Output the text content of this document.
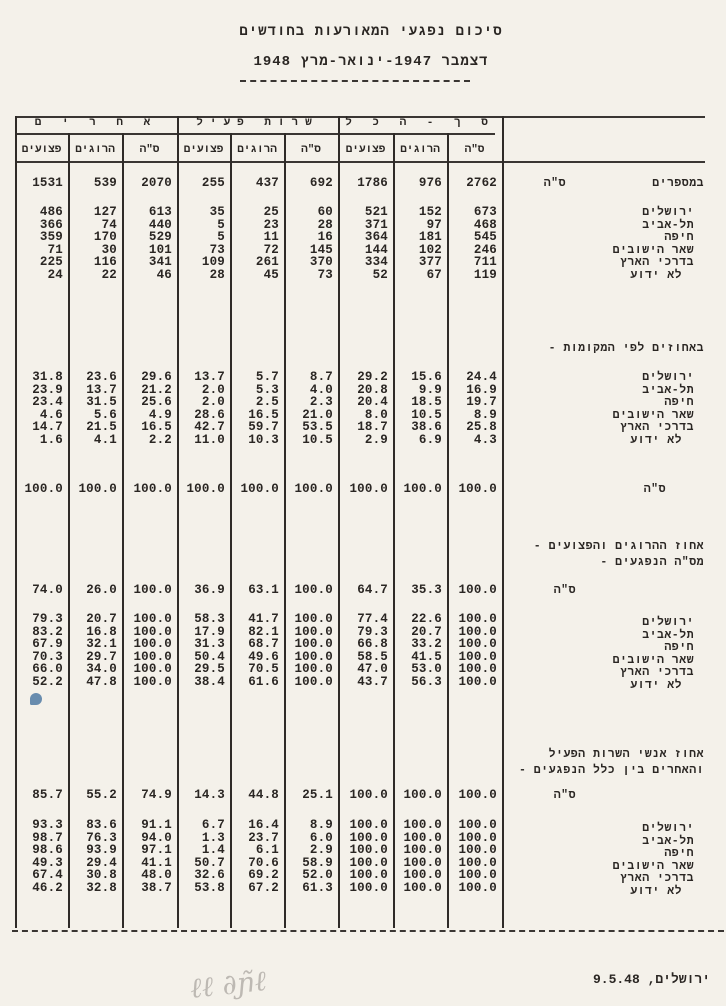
סיכום נפגעי המאורעות בחודשים
דצמבר 1947-ינואר-מרץ 1948
ℓℓ ∂ɲ̃ℓ	ירושלים, 9.5.48
א ח ר י ם	שרות פעיל	ס ך - ה כ ל
פצועים	הרוגים	ס"ה	פצועים	הרוגים	ס"ה	פצועים	הרוגים	ס"ה
1531	539	2070	255	437	692	1786	976	2762	במספרים
ס"ה
486	127	613	35	25	60	521	152	673	ירושלים
366	74	440	5	23	28	371	97	468	תל-אביב
359	170	529	5	11	16	364	181	545	חיפה
71	30	101	73	72	145	144	102	246	שאר הישובים
225	116	341	109	261	370	334	377	711	בדרכי הארץ
24	22	46	28	45	73	52	67	119	לא ידוע
באחוזים לפי המקומות -
31.8	23.6	29.6	13.7	5.7	8.7	29.2	15.6	24.4	ירושלים
23.9	13.7	21.2	2.0	5.3	4.0	20.8	9.9	16.9	תל-אביב
23.4	31.5	25.6	2.0	2.5	2.3	20.4	18.5	19.7	חיפה
4.6	5.6	4.9	28.6	16.5	21.0	8.0	10.5	8.9	שאר הישובים
14.7	21.5	16.5	42.7	59.7	53.5	18.7	38.6	25.8	בדרכי הארץ
1.6	4.1	2.2	11.0	10.3	10.5	2.9	6.9	4.3	לא ידוע
100.0	100.0	100.0	100.0	100.0	100.0	100.0	100.0	100.0	ס"ה
אחוז ההרוגים והפצועים -
מס"ה הנפגעים -
74.0	26.0	100.0	36.9	63.1	100.0	64.7	35.3	100.0	ס"ה
79.3	20.7	100.0	58.3	41.7	100.0	77.4	22.6	100.0	ירושלים
83.2	16.8	100.0	17.9	82.1	100.0	79.3	20.7	100.0	תל-אביב
67.9	32.1	100.0	31.3	68.7	100.0	66.8	33.2	100.0	חיפה
70.3	29.7	100.0	50.4	49.6	100.0	58.5	41.5	100.0	שאר הישובים
66.0	34.0	100.0	29.5	70.5	100.0	47.0	53.0	100.0	בדרכי הארץ
52.2	47.8	100.0	38.4	61.6	100.0	43.7	56.3	100.0	לא ידוע
אחוז אנשי השרות הפעיל
והאחרים בין כלל הנפגעים -
85.7	55.2	74.9	14.3	44.8	25.1	100.0	100.0	100.0	ס"ה
93.3	83.6	91.1	6.7	16.4	8.9	100.0	100.0	100.0	ירושלים
98.7	76.3	94.0	1.3	23.7	6.0	100.0	100.0	100.0	תל-אביב
98.6	93.9	97.1	1.4	6.1	2.9	100.0	100.0	100.0	חיפה
49.3	29.4	41.1	50.7	70.6	58.9	100.0	100.0	100.0	שאר הישובים
67.4	30.8	48.0	32.6	69.2	52.0	100.0	100.0	100.0	בדרכי הארץ
46.2	32.8	38.7	53.8	67.2	61.3	100.0	100.0	100.0	לא ידוע
